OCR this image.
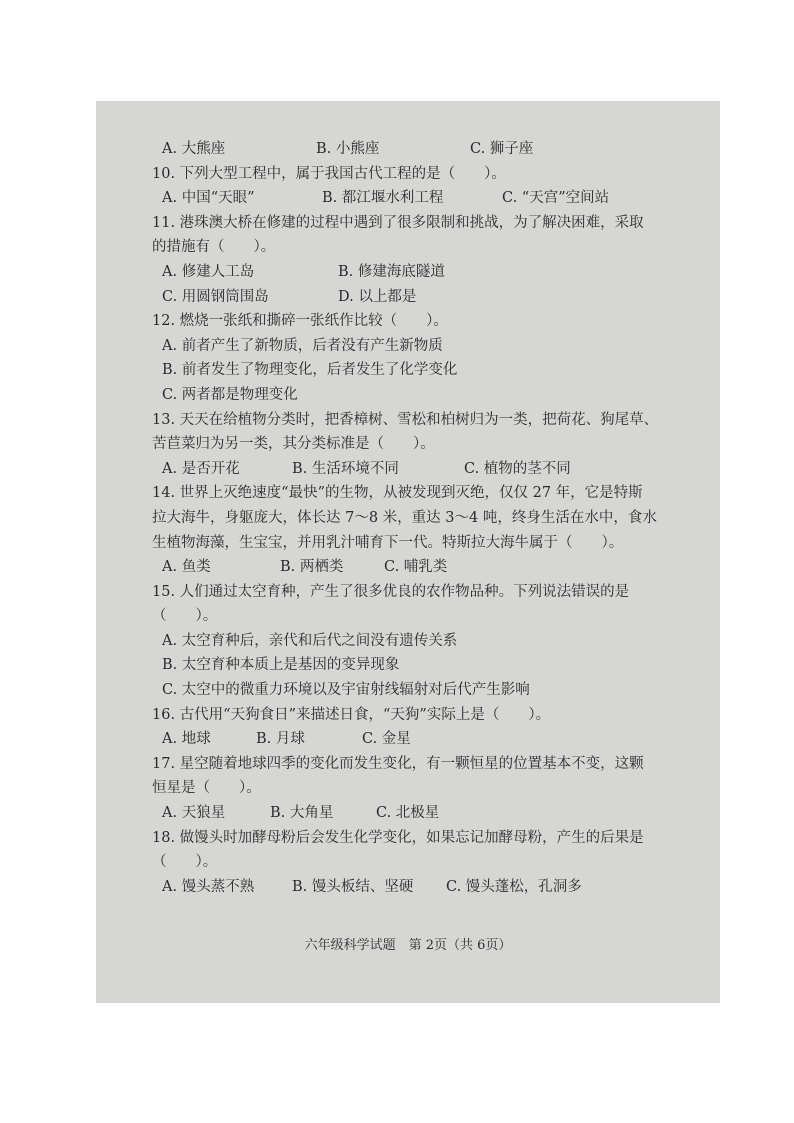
A. 大熊座	B. 小熊座	C. 狮子座
10. 下列大型工程中，属于我国古代工程的是（　　）。
A. 中国“天眼”	B. 都江堰水利工程	C. “天宫”空间站
11. 港珠澳大桥在修建的过程中遇到了很多限制和挑战，为了解决困难，采取
的措施有（　　）。
A. 修建人工岛	B. 修建海底隧道
C. 用圆钢筒围岛	D. 以上都是
12. 燃烧一张纸和撕碎一张纸作比较（　　）。
A. 前者产生了新物质，后者没有产生新物质
B. 前者发生了物理变化，后者发生了化学变化
C. 两者都是物理变化
13. 天天在给植物分类时，把香樟树、雪松和柏树归为一类，把荷花、狗尾草、
苦苣菜归为另一类，其分类标准是（　　）。
A. 是否开花	B. 生活环境不同	C. 植物的茎不同
14. 世界上灭绝速度“最快”的生物，从被发现到灭绝，仅仅 27 年，它是特斯
拉大海牛，身躯庞大，体长达 7～8 米，重达 3～4 吨，终身生活在水中，食水
生植物海藻，生宝宝，并用乳汁哺育下一代。特斯拉大海牛属于（　　）。
A. 鱼类	B. 两栖类	C. 哺乳类
15. 人们通过太空育种，产生了很多优良的农作物品种。下列说法错误的是
（　　）。
A. 太空育种后，亲代和后代之间没有遗传关系
B. 太空育种本质上是基因的变异现象
C. 太空中的微重力环境以及宇宙射线辐射对后代产生影响
16. 古代用“天狗食日”来描述日食，“天狗”实际上是（　　）。
A. 地球	B. 月球	C. 金星
17. 星空随着地球四季的变化而发生变化，有一颗恒星的位置基本不变，这颗
恒星是（　　）。
A. 天狼星	B. 大角星	C. 北极星
18. 做馒头时加酵母粉后会发生化学变化，如果忘记加酵母粉，产生的后果是
（　　）。
A. 馒头蒸不熟	B. 馒头板结、坚硬 C. 馒头蓬松，孔洞多
六年级科学试题　第 2页（共 6页）
